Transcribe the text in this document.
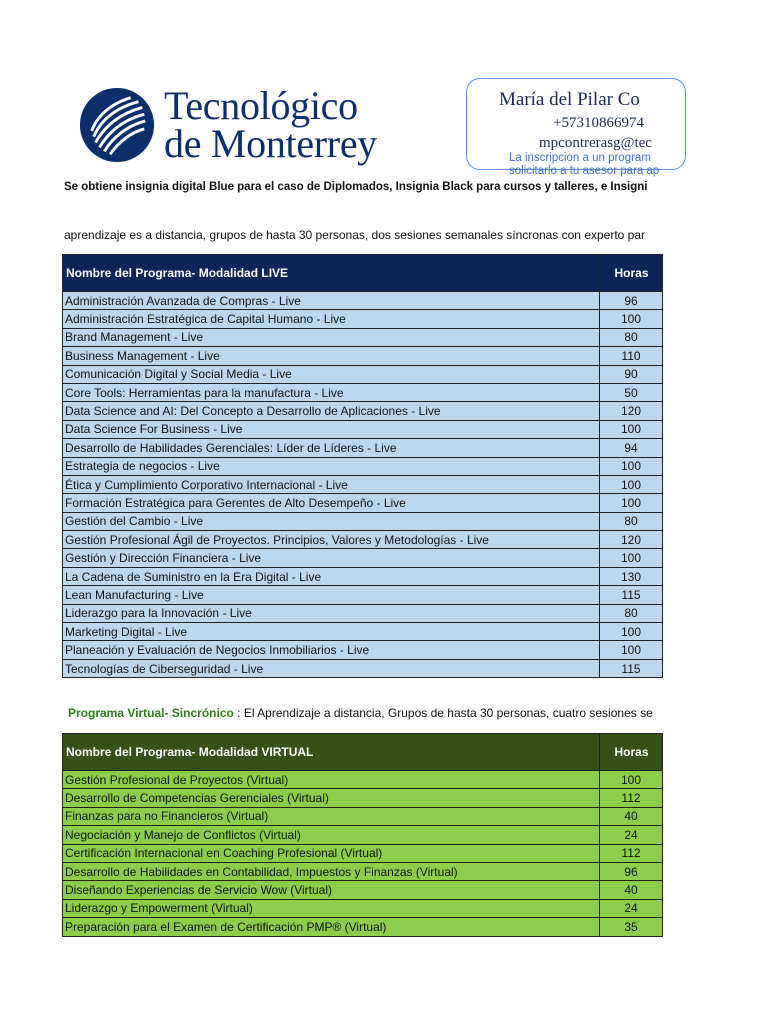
Tecnológico
de Monterrey
María del Pilar Co
+57310866974
mpcontrerasg@tec
La inscripcion a un program
solicitarlo a tu asesor para ap
Se obtiene insignia digital Blue para el caso de Diplomados, Insignia Black para cursos y talleres, e Insigni
aprendizaje es a distancia, grupos de hasta 30 personas, dos sesiones semanales síncronas con experto par
Nombre del Programa- Modalidad LIVE	Horas
Administración Avanzada de Compras - Live	96
Administración Estratégica de Capital Humano - Live	100
Brand Management - Live	80
Business Management - Live	110
Comunicación Digital y Social Media - Live	90
Core Tools: Herramientas para la manufactura - Live	50
Data Science and AI: Del Concepto a Desarrollo de Aplicaciones - Live	120
Data Science For Business - Live	100
Desarrollo de Habilidades Gerenciales: Líder de Líderes - Live	94
Estrategia de negocios - Live	100
Ética y Cumplimiento Corporativo Internacional - Live	100
Formación Estratégica para Gerentes de Alto Desempeño - Live	100
Gestión del Cambio - Live	80
Gestión Profesional Ágil de Proyectos. Principios, Valores y Metodologías - Live	120
Gestión y Dirección Financiera - Live	100
La Cadena de Suministro en la Era Digital - Live	130
Lean Manufacturing - Live	115
Liderazgo para la Innovación - Live	80
Marketing Digital - Live	100
Planeación y Evaluación de Negocios Inmobiliarios - Live	100
Tecnologías de Ciberseguridad - Live	115
Programa Virtual- Sincrónico : El Aprendizaje a distancia, Grupos de hasta 30 personas, cuatro sesiones se
Nombre del Programa- Modalidad VIRTUAL	Horas
Gestión Profesional de Proyectos (Virtual)	100
Desarrollo de Competencias Gerenciales (Virtual)	112
Finanzas para no Financieros (Virtual)	40
Negociación y Manejo de Conflictos (Virtual)	24
Certificación Internacional en Coaching Profesional (Virtual)	112
Desarrollo de Habilidades en Contabilidad, Impuestos y Finanzas (Virtual)	96
Diseñando Experiencias de Servicio Wow (Virtual)	40
Liderazgo y Empowerment (Virtual)	24
Preparación para el Examen de Certificación PMP® (Virtual)	35
